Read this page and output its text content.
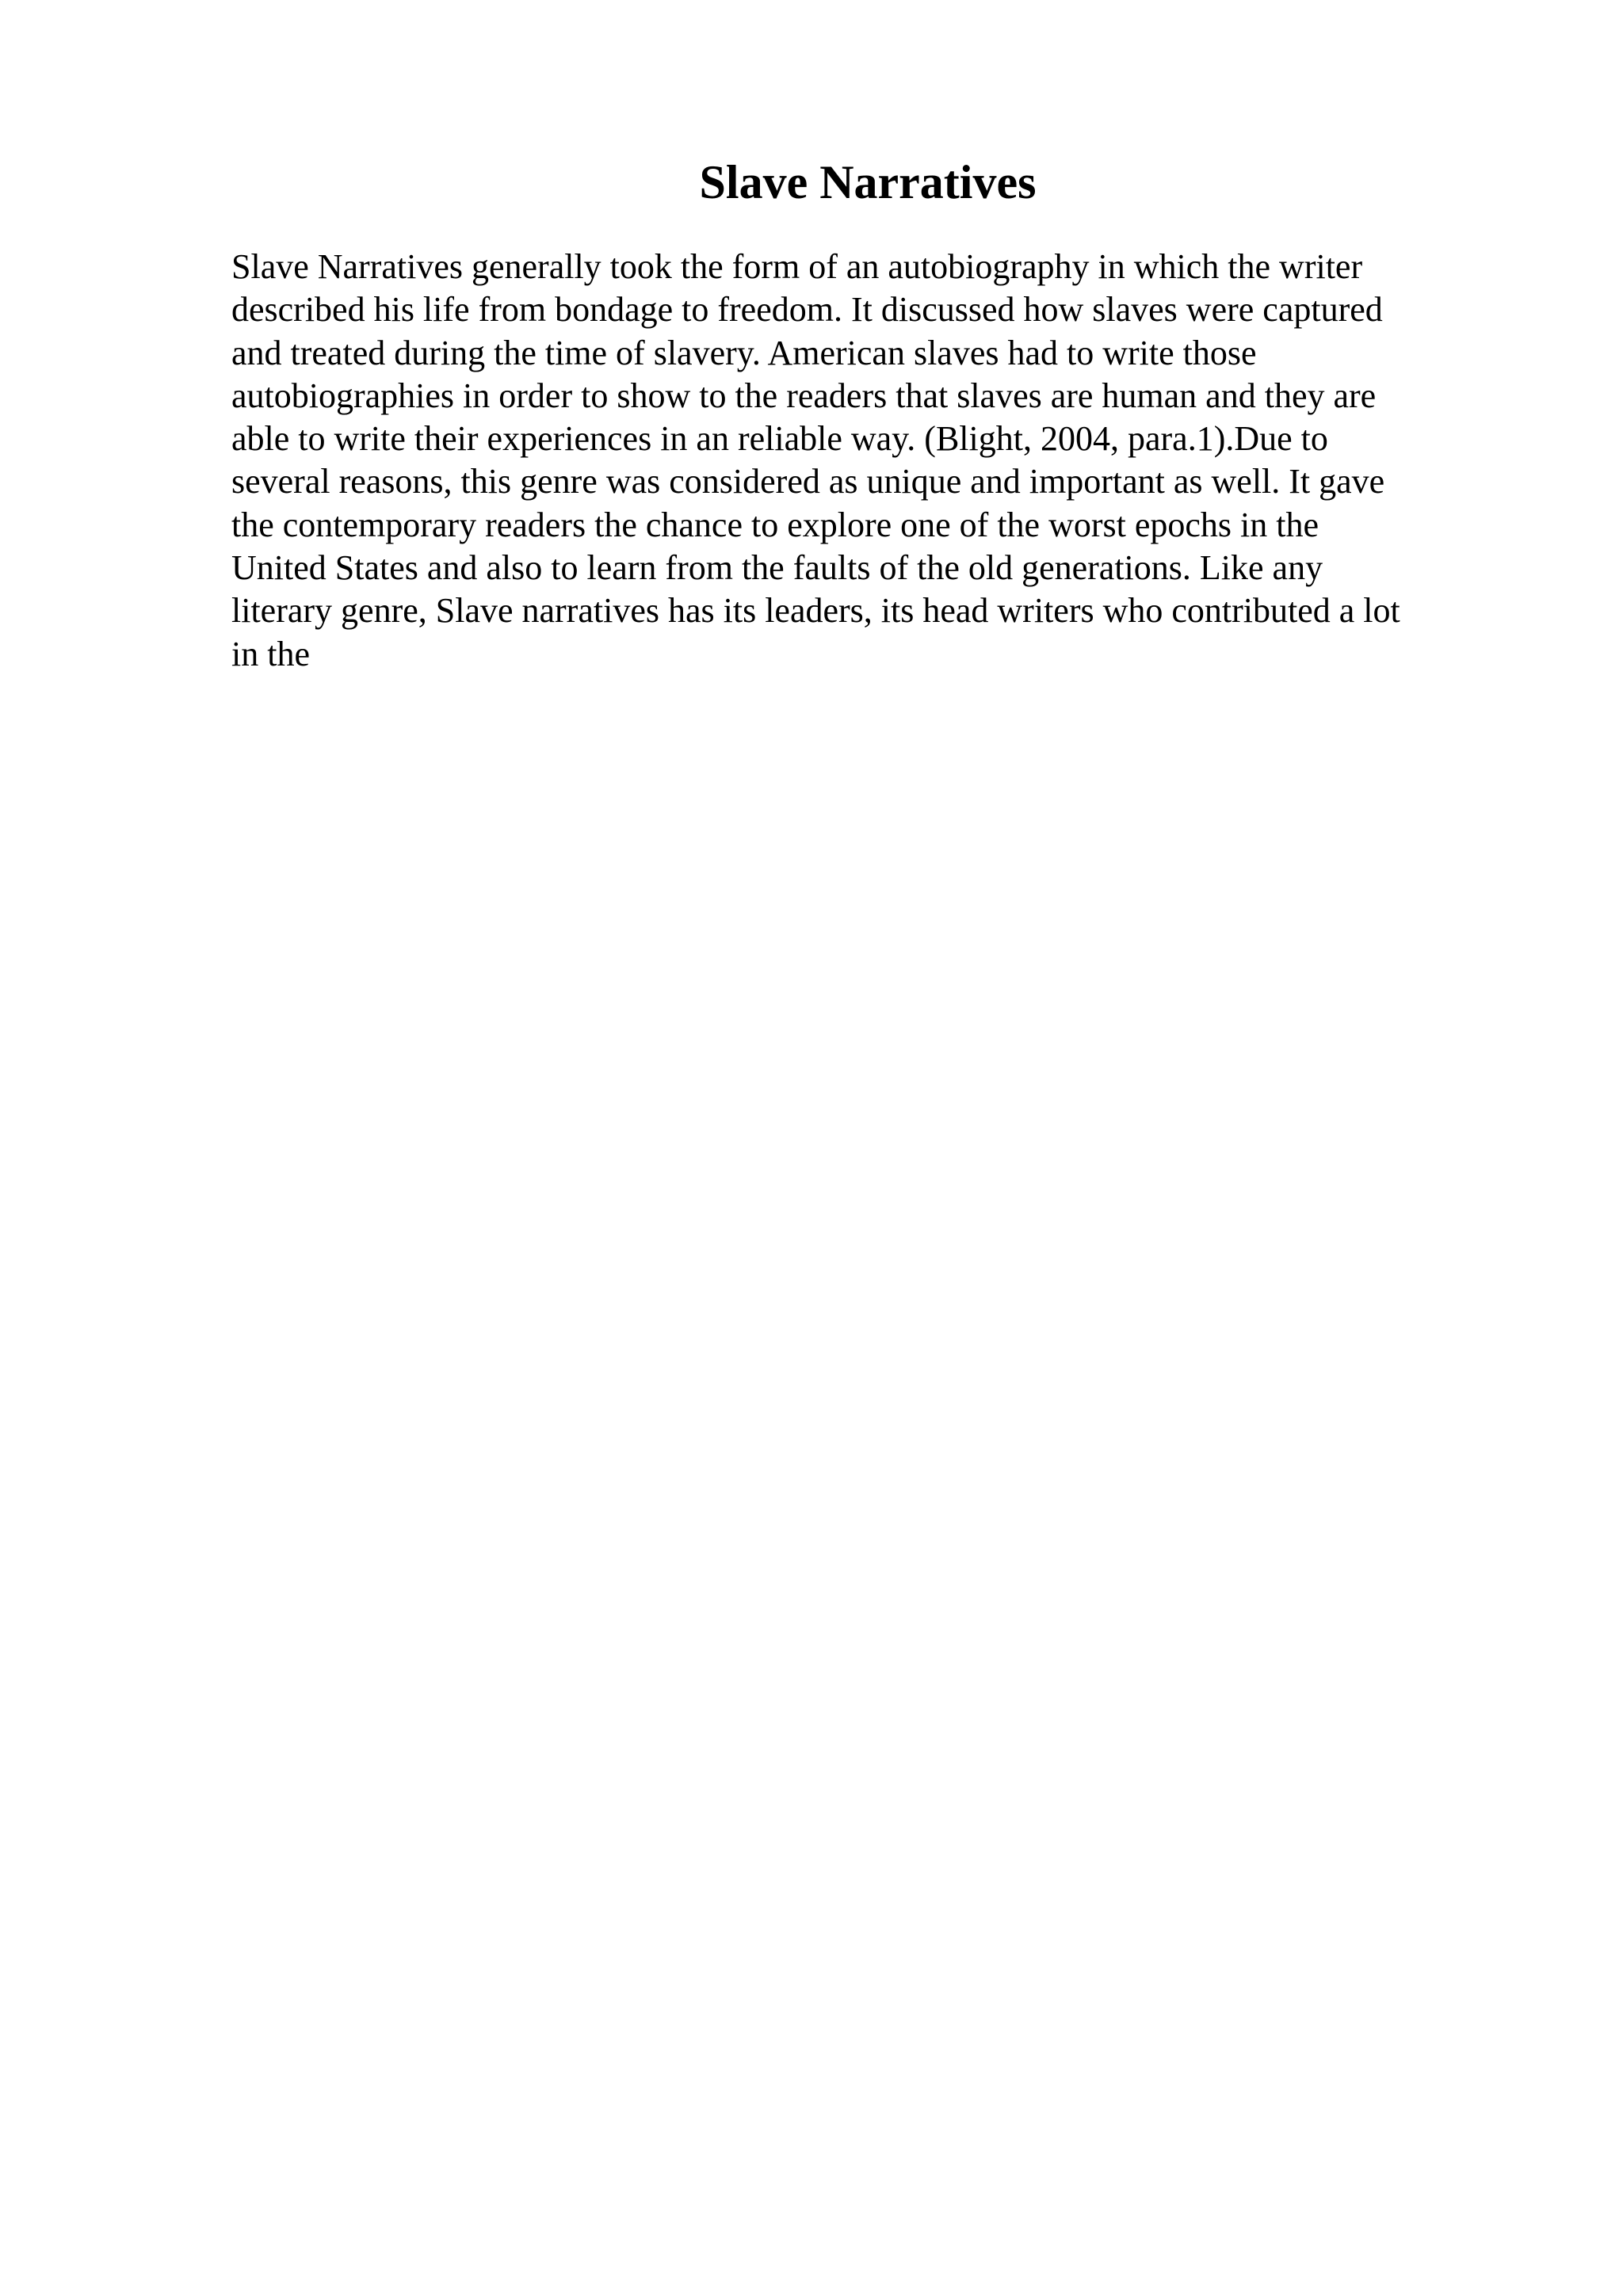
Slave Narratives
Slave Narratives generally took the form of an autobiography in which the writer
described his life from bondage to freedom. It discussed how slaves were captured
and treated during the time of slavery. American slaves had to write those
autobiographies in order to show to the readers that slaves are human and they are
able to write their experiences in an reliable way. (Blight, 2004, para.1).Due to
several reasons, this genre was considered as unique and important as well. It gave
the contemporary readers the chance to explore one of the worst epochs in the
United States and also to learn from the faults of the old generations. Like any
literary genre, Slave narratives has its leaders, its head writers who contributed a lot
in the
